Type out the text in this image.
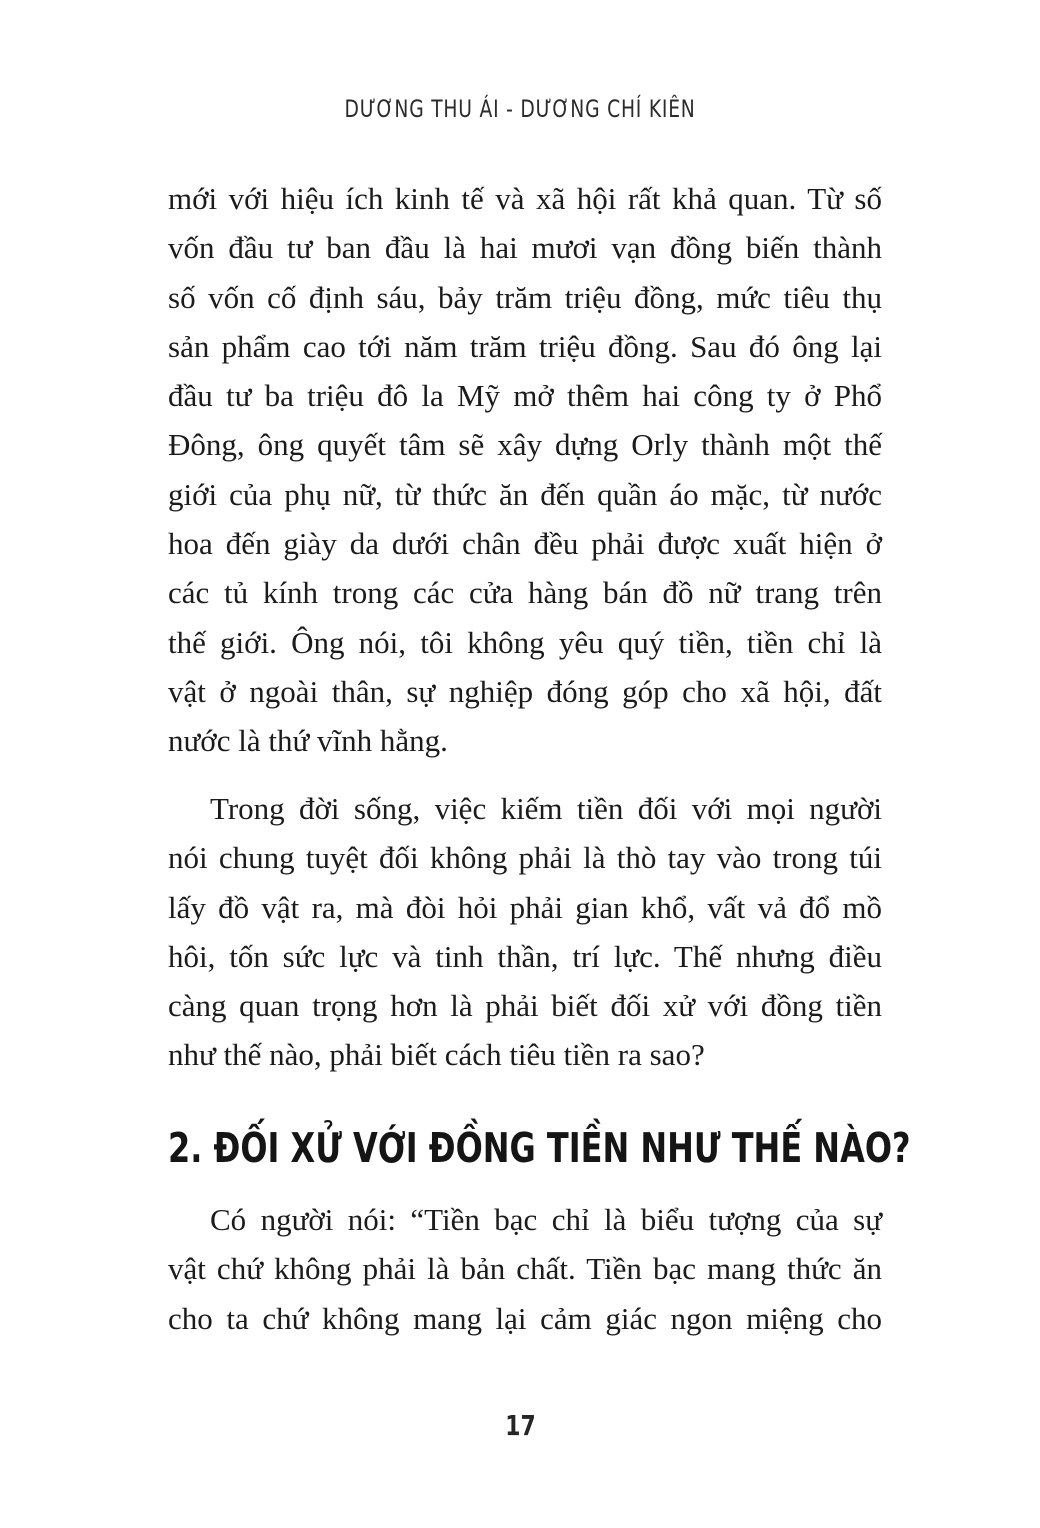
DƯƠNG THU ÁI - DƯƠNG CHÍ KIÊN
mới với hiệu ích kinh tế và xã hội rất khả quan. Từ số
vốn đầu tư ban đầu là hai mươi vạn đồng biến thành
số vốn cố định sáu, bảy trăm triệu đồng, mức tiêu thụ
sản phẩm cao tới năm trăm triệu đồng. Sau đó ông lại
đầu tư ba triệu đô la Mỹ mở thêm hai công ty ở Phổ
Đông, ông quyết tâm sẽ xây dựng Orly thành một thế
giới của phụ nữ, từ thức ăn đến quần áo mặc, từ nước
hoa đến giày da dưới chân đều phải được xuất hiện ở
các tủ kính trong các cửa hàng bán đồ nữ trang trên
thế giới. Ông nói, tôi không yêu quý tiền, tiền chỉ là
vật ở ngoài thân, sự nghiệp đóng góp cho xã hội, đất
nước là thứ vĩnh hằng.
Trong đời sống, việc kiếm tiền đối với mọi người
nói chung tuyệt đối không phải là thò tay vào trong túi
lấy đồ vật ra, mà đòi hỏi phải gian khổ, vất vả đổ mồ
hôi, tốn sức lực và tinh thần, trí lực. Thế nhưng điều
càng quan trọng hơn là phải biết đối xử với đồng tiền
như thế nào, phải biết cách tiêu tiền ra sao?
2. ĐỐI XỬ VỚI ĐỒNG TIỀN NHƯ THẾ NÀO?
Có người nói: “Tiền bạc chỉ là biểu tượng của sự
vật chứ không phải là bản chất. Tiền bạc mang thức ăn
cho ta chứ không mang lại cảm giác ngon miệng cho
17
